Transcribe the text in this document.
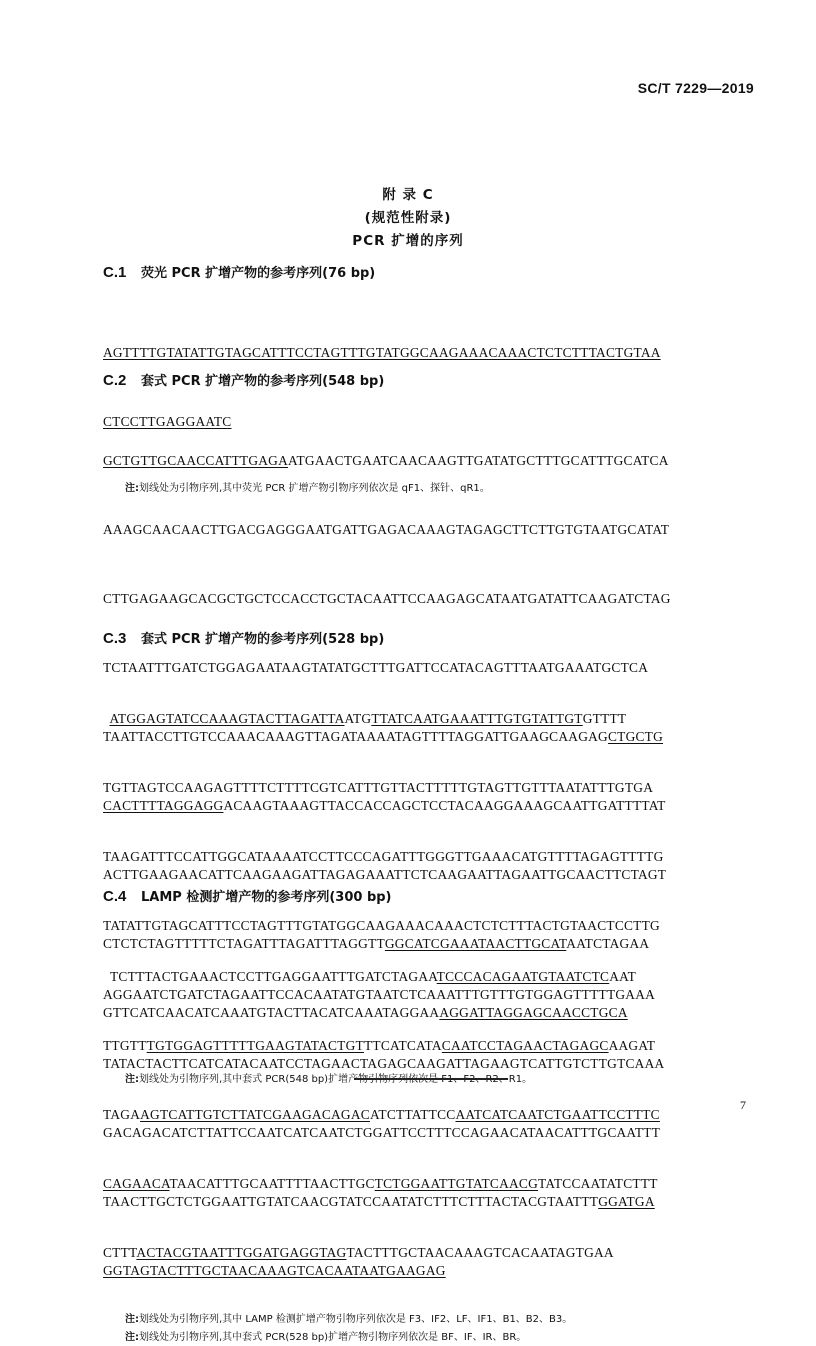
SC/T 7229—2019
附 录 C
(规范性附录)
PCR 扩增的序列
C.1 荧光 PCR 扩增产物的参考序列(76 bp)

AGTTTTGTATATTGTAGCATTTCCTAGTTTGTATGGCAAGAAACAAACTCTCTTTACTGTAA

CTCCTTGAGGAATC

注:划线处为引物序列,其中荧光 PCR 扩增产物引物序列依次是 qF1、探针、qR1。
C.2 套式 PCR 扩增产物的参考序列(548 bp)

GCTGTTGCAACCATTTGAGAATGAACTGAATCAACAAGTTGATATGCTTTGCATTTGCATCA

AAAGCAACAACTTGACGAGGGAATGATTGAGACAAAGTAGAGCTTCTTGTGTAATGCATAT

CTTGAGAAGCACGCTGCTCCACCTGCTACAATTCCAAGAGCATAATGATATTCAAGATCTAG

TCTAATTTGATCTGGAGAATAAGTATATGCTTTGATTCCATACAGTTTAATGAAATGCTCA

TAATTACCTTGTCCAAACAAAGTTAGATAAAATAGTTTTAGGATTGAAGCAAGAGCTGCTG

CACTTTTAGGAGGACAAGTAAAGTTACCACCAGCTCCTACAAGGAAAGCAATTGATTTTAT

ACTTGAAGAACATTCAAGAAGATTAGAGAAATTCTCAAGAATTAGAATTGCAACTTCTAGT

CTCTCTAGTTTTTCTAGATTTAGATTTAGGTTGGCATCGAAATAACTTGCATAATCTAGAA

GTTCATCAACATCAAATGTACTTACATCAAATAGGAAAGGATTAGGAGCAACCTGCA

注:划线处为引物序列,其中套式 PCR(548 bp)扩增产物引物序列依次是 F1、F2、R2、R1。
C.3 套式 PCR 扩增产物的参考序列(528 bp)

ATGGAGTATCCAAAGTACTTAGATTAATGTTATCAATGAAATTTGTGTATTGTGTTTT

TGTTAGTCCAAGAGTTTTCTTTTCGTCATTTGTTACTTTTTGTAGTTGTTTAATATTTGTGA

TAAGATTTCCATTGGCATAAAATCCTTCCCAGATTTGGGTTGAAACATGTTTTAGAGTTTTG

TATATTGTAGCATTTCCTAGTTTGTATGGCAAGAAACAAACTCTCTTTACTGTAACTCCTTG

AGGAATCTGATCTAGAATTCCACAATATGTAATCTCAAATTTGTTTGTGGAGTTTTTGAAA

TATACTACTTCATCATACAATCCTAGAACTAGAGCAAGATTAGAAGTCATTGTCTTGTCAAA

GACAGACATCTTATTCCAATCATCAATCTGGATTCCTTTCCAGAACATAACATTTGCAATTT

TAACTTGCTCTGGAATTGTATCAACGTATCCAATATCTTTCTTTACTACGTAATTTGGATGA

GGTAGTACTTTGCTAACAAAGTCACAATAATGAAGAG

注:划线处为引物序列,其中套式 PCR(528 bp)扩增产物引物序列依次是 BF、IF、IR、BR。
C.4 LAMP 检测扩增产物的参考序列(300 bp)

TCTTTACTGAAACTCCTTGAGGAATTTGATCTAGAATCCCACAGAATGTAATCTCAAT

TTGTTTGTGGAGTTTTTGAAGTATACTGTTTCATCATACAATCCTAGAACTAGAGCAAGAT

TAGAAGTCATTGTCTTATCGAAGACAGACATCTTATTCCAATCATCAATCTGAATTCCTTTC

CAGAACATAACATTTGCAATTTTAACTTGCTCTGGAATTGTATCAACGTATCCAATATCTTT

CTTTACTACGTAATTTGGATGAGGTAGTACTTTGCTAACAAAGTCACAATAGTGAA

注:划线处为引物序列,其中 LAMP 检测扩增产物引物序列依次是 F3、IF2、LF、IF1、B1、B2、B3。
7
